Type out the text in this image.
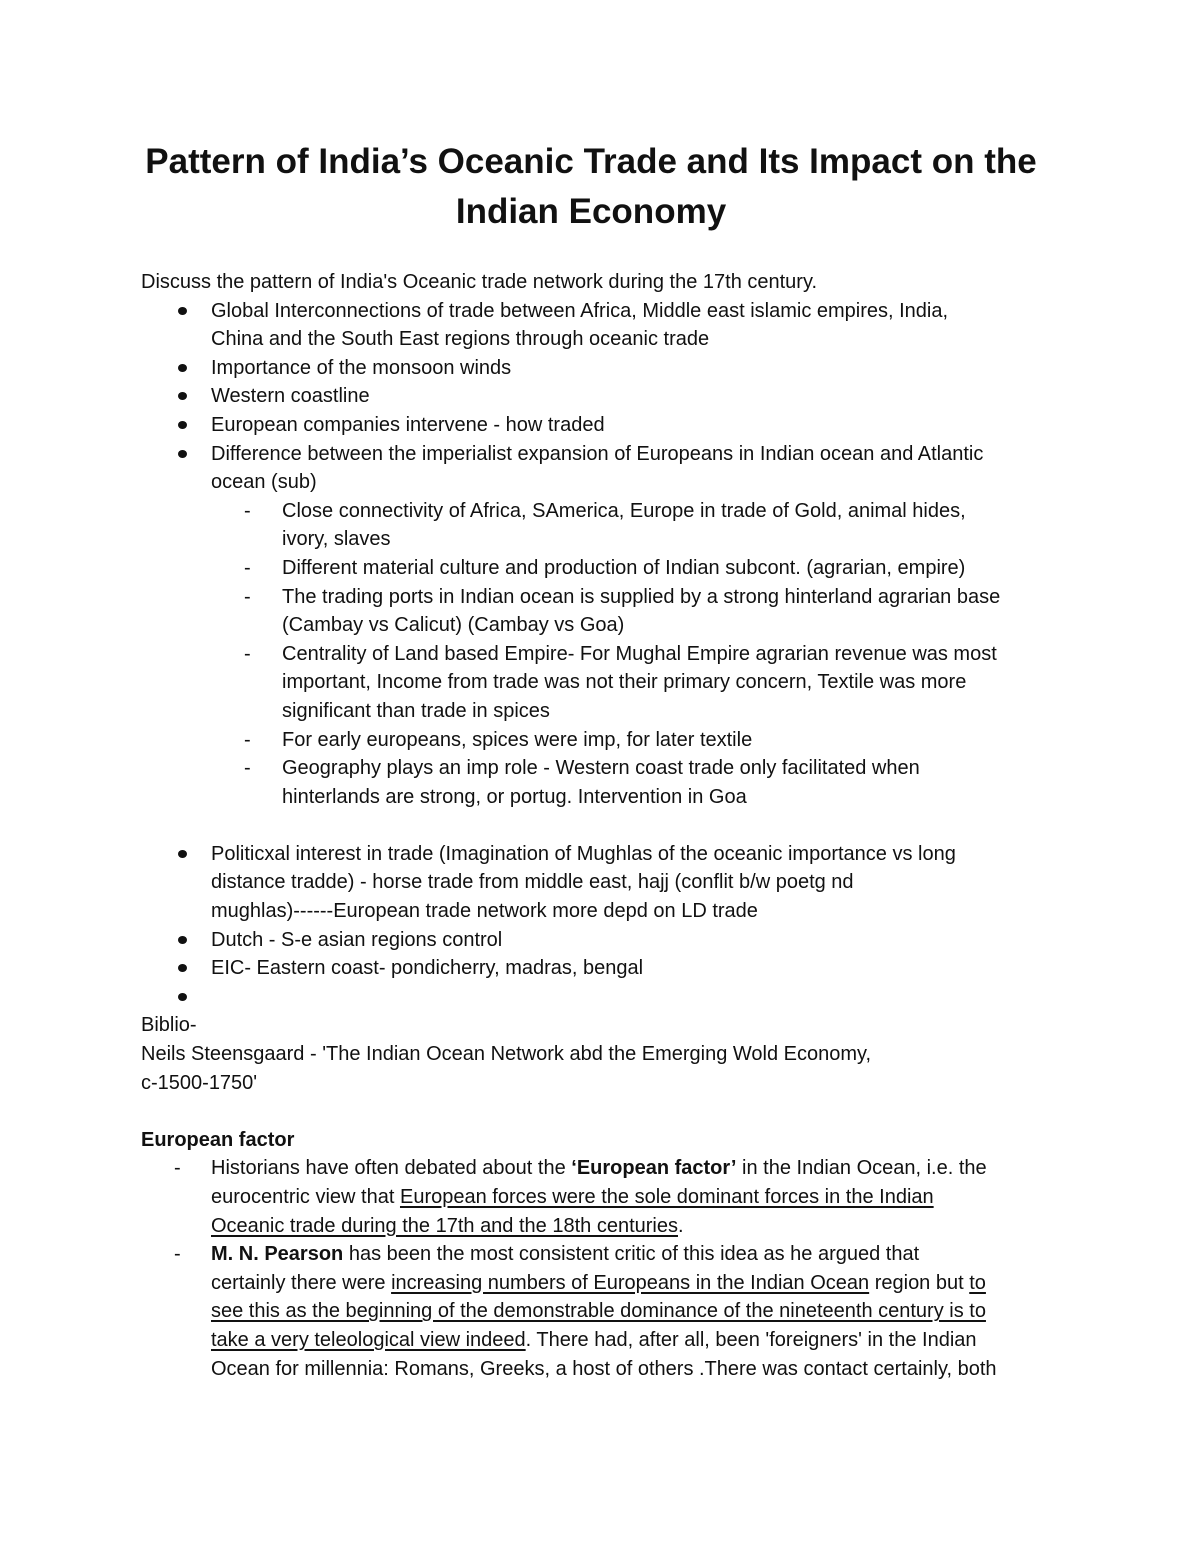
Pattern of India’s Oceanic Trade and Its Impact on the Indian Economy

Discuss the pattern of India's Oceanic trade network during the 17th century.

Global Interconnections of trade between Africa, Middle east islamic empires, India,

China and the South East regions through oceanic trade

Importance of the monsoon winds

Western coastline

European companies intervene - how traded

Difference between the imperialist expansion of Europeans in Indian ocean and Atlantic

ocean (sub)

- Close connectivity of Africa, SAmerica, Europe in trade of Gold, animal hides,

ivory, slaves

- Different material culture and production of Indian subcont. (agrarian, empire)

- The trading ports in Indian ocean is supplied by a strong hinterland agrarian base

(Cambay vs Calicut) (Cambay vs Goa)

- Centrality of Land based Empire- For Mughal Empire agrarian revenue was most

important, Income from trade was not their primary concern, Textile was more

significant than trade in spices

- For early europeans, spices were imp, for later textile

- Geography plays an imp role - Western coast trade only facilitated when

hinterlands are strong, or portug. Intervention in Goa

Politicxal interest in trade (Imagination of Mughlas of the oceanic importance vs long

distance tradde) - horse trade from middle east, hajj (conflit b/w poetg nd

mughlas)------European trade network more depd on LD trade

Dutch - S-e asian regions control

EIC- Eastern coast- pondicherry, madras, bengal

Biblio-

Neils Steensgaard - 'The Indian Ocean Network abd the Emerging Wold Economy,

c-1500-1750'

European factor

- Historians have often debated about the ‘European factor’ in the Indian Ocean, i.e. the

eurocentric view that European forces were the sole dominant forces in the Indian

Oceanic trade during the 17th and the 18th centuries.

- M. N. Pearson has been the most consistent critic of this idea as he argued that

certainly there were increasing numbers of Europeans in the Indian Ocean region but to

see this as the beginning of the demonstrable dominance of the nineteenth century is to

take a very teleological view indeed. There had, after all, been 'foreigners' in the Indian

Ocean for millennia: Romans, Greeks, a host of others .There was contact certainly, both
